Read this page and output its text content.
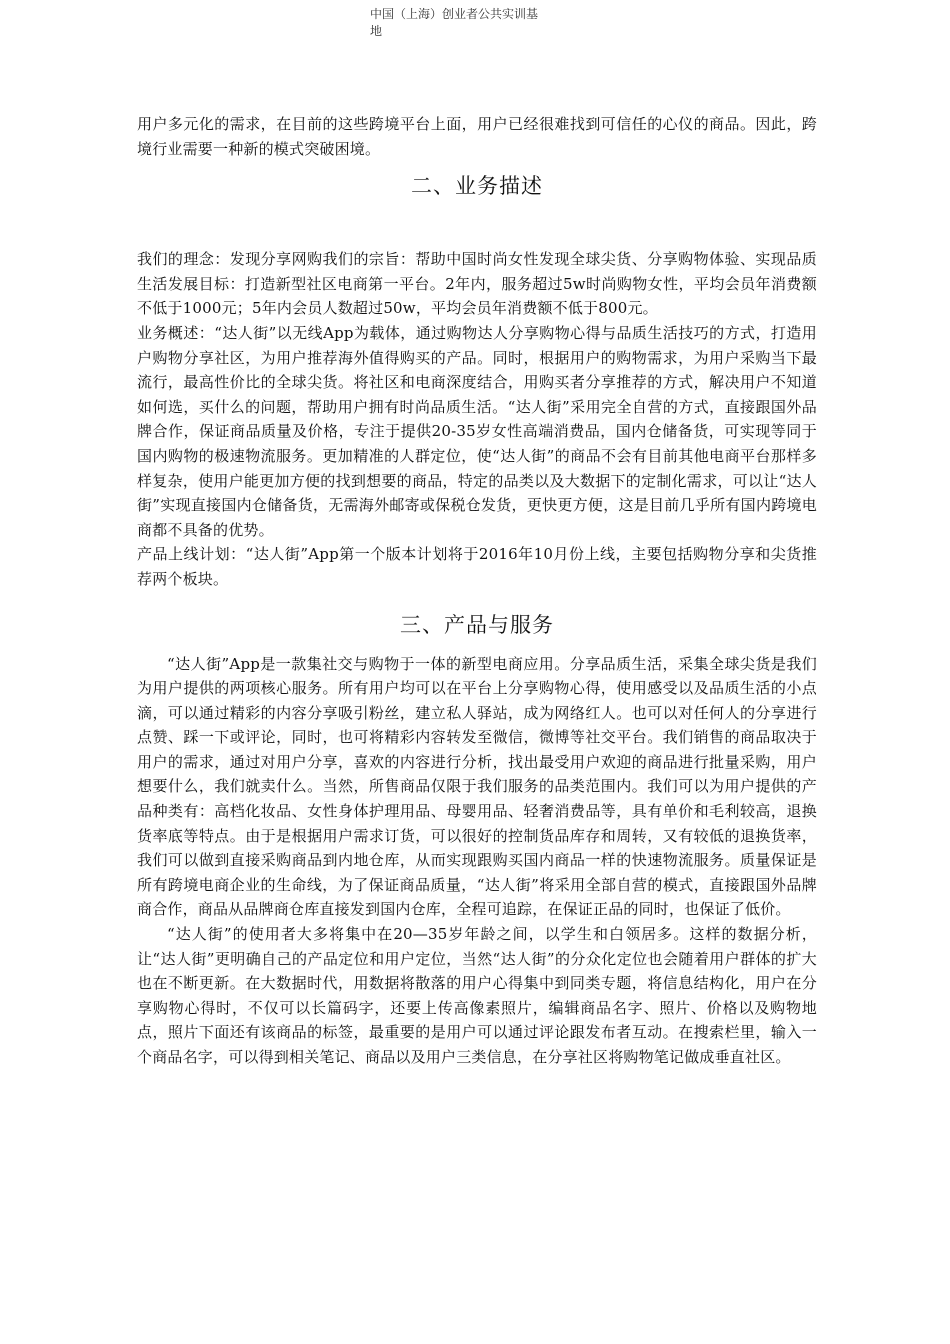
中国（上海）创业者公共实训基
地

用户多元化的需求，在目前的这些跨境平台上面，用户已经很难找到可信任的心仪的商品。因此，跨境行业需要一种新的模式突破困境。

二、业务描述

我们的理念：发现分享网购我们的宗旨：帮助中国时尚女性发现全球尖货、分享购物体验、实现品质生活发展目标：打造新型社区电商第一平台。2年内，服务超过5w时尚购物女性，平均会员年消费额不低于1000元；5年内会员人数超过50w，平均会员年消费额不低于800元。

业务概述：“达人街”以无线App为载体，通过购物达人分享购物心得与品质生活技巧的方式，打造用户购物分享社区，为用户推荐海外值得购买的产品。同时，根据用户的购物需求，为用户采购当下最流行，最高性价比的全球尖货。将社区和电商深度结合，用购买者分享推荐的方式，解决用户不知道如何选，买什么的问题，帮助用户拥有时尚品质生活。“达人街”采用完全自营的方式，直接跟国外品牌合作，保证商品质量及价格，专注于提供20-35岁女性高端消费品，国内仓储备货，可实现等同于国内购物的极速物流服务。更加精准的人群定位，使“达人街”的商品不会有目前其他电商平台那样多样复杂，使用户能更加方便的找到想要的商品，特定的品类以及大数据下的定制化需求，可以让“达人街”实现直接国内仓储备货，无需海外邮寄或保税仓发货，更快更方便，这是目前几乎所有国内跨境电商都不具备的优势。

产品上线计划：“达人街”App第一个版本计划将于2016年10月份上线，主要包括购物分享和尖货推荐两个板块。

三、产品与服务

“达人街”App是一款集社交与购物于一体的新型电商应用。分享品质生活，采集全球尖货是我们为用户提供的两项核心服务。所有用户均可以在平台上分享购物心得，使用感受以及品质生活的小点滴，可以通过精彩的内容分享吸引粉丝，建立私人驿站，成为网络红人。也可以对任何人的分享进行点赞、踩一下或评论，同时，也可将精彩内容转发至微信，微博等社交平台。我们销售的商品取决于用户的需求，通过对用户分享，喜欢的内容进行分析，找出最受用户欢迎的商品进行批量采购，用户想要什么，我们就卖什么。当然，所售商品仅限于我们服务的品类范围内。我们可以为用户提供的产品种类有：高档化妆品、女性身体护理用品、母婴用品、轻奢消费品等，具有单价和毛利较高，退换货率底等特点。由于是根据用户需求订货，可以很好的控制货品库存和周转，又有较低的退换货率，我们可以做到直接采购商品到内地仓库，从而实现跟购买国内商品一样的快速物流服务。质量保证是所有跨境电商企业的生命线，为了保证商品质量，“达人街”将采用全部自营的模式，直接跟国外品牌商合作，商品从品牌商仓库直接发到国内仓库，全程可追踪，在保证正品的同时，也保证了低价。

“达人街”的使用者大多将集中在20—35岁年龄之间，以学生和白领居多。这样的数据分析，让“达人街”更明确自己的产品定位和用户定位，当然“达人街”的分众化定位也会随着用户群体的扩大也在不断更新。在大数据时代，用数据将散落的用户心得集中到同类专题，将信息结构化，用户在分享购物心得时，不仅可以长篇码字，还要上传高像素照片，编辑商品名字、照片、价格以及购物地点，照片下面还有该商品的标签，最重要的是用户可以通过评论跟发布者互动。在搜索栏里，输入一个商品名字，可以得到相关笔记、商品以及用户三类信息，在分享社区将购物笔记做成垂直社区。
